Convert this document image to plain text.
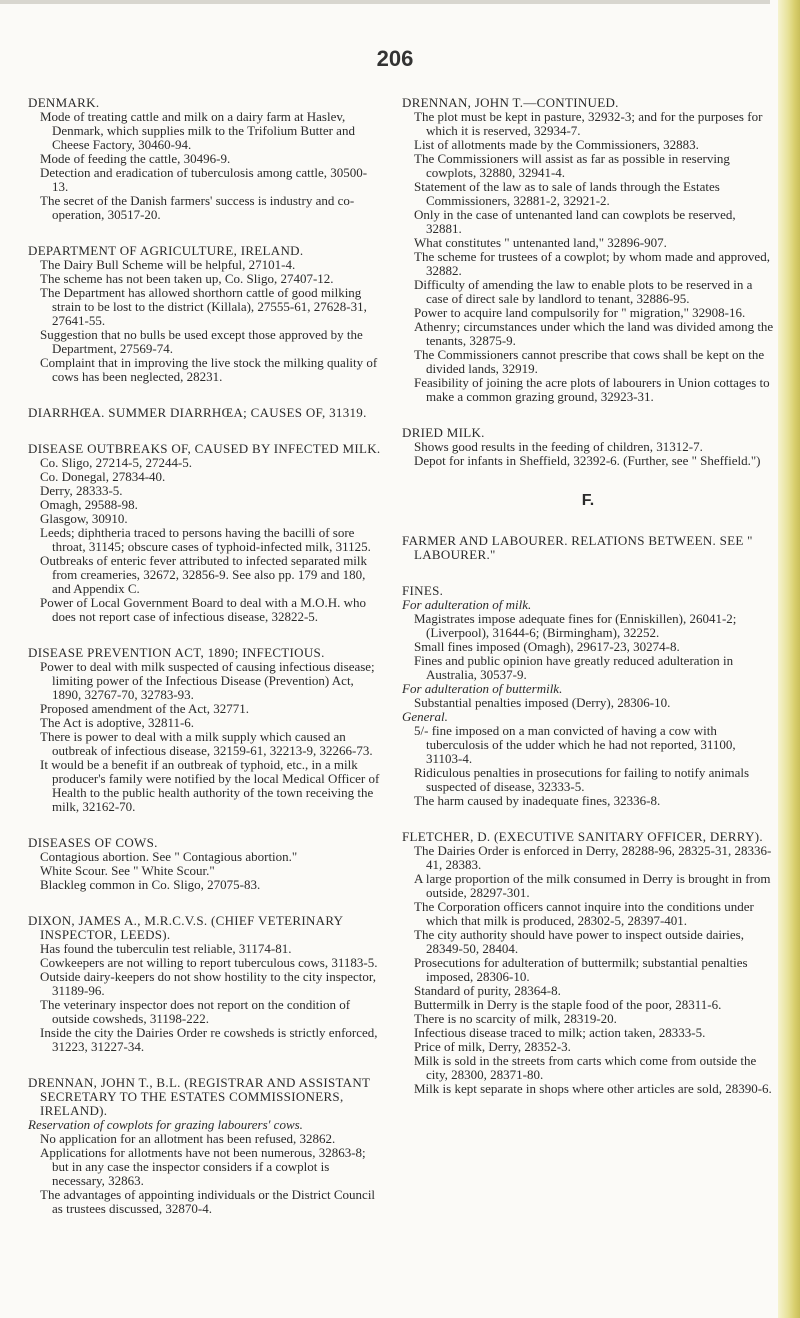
206

DENMARK.

Mode of treating cattle and milk on a dairy farm at Haslev, Denmark, which supplies milk to the Trifolium Butter and Cheese Factory, 30460-94.

Mode of feeding the cattle, 30496-9.

Detection and eradication of tuberculosis among cattle, 30500-13.

The secret of the Danish farmers' success is industry and co-operation, 30517-20.

DEPARTMENT OF AGRICULTURE, IRELAND.

The Dairy Bull Scheme will be helpful, 27101-4.

The scheme has not been taken up, Co. Sligo, 27407-12.

The Department has allowed shorthorn cattle of good milking strain to be lost to the district (Killala), 27555-61, 27628-31, 27641-55.

Suggestion that no bulls be used except those approved by the Department, 27569-74.

Complaint that in improving the live stock the milking quality of cows has been neglected, 28231.

DIARRHŒA. SUMMER DIARRHŒA; CAUSES OF, 31319.

DISEASE OUTBREAKS OF, CAUSED BY INFECTED MILK.

Co. Sligo, 27214-5, 27244-5.

Co. Donegal, 27834-40.

Derry, 28333-5.

Omagh, 29588-98.

Glasgow, 30910.

Leeds; diphtheria traced to persons having the bacilli of sore throat, 31145; obscure cases of typhoid-infected milk, 31125.

Outbreaks of enteric fever attributed to infected separated milk from creameries, 32672, 32856-9. See also pp. 179 and 180, and Appendix C.

Power of Local Government Board to deal with a M.O.H. who does not report case of infectious disease, 32822-5.

DISEASE PREVENTION ACT, 1890; INFECTIOUS.

Power to deal with milk suspected of causing infectious disease; limiting power of the Infectious Disease (Prevention) Act, 1890, 32767-70, 32783-93.

Proposed amendment of the Act, 32771.

The Act is adoptive, 32811-6.

There is power to deal with a milk supply which caused an outbreak of infectious disease, 32159-61, 32213-9, 32266-73.

It would be a benefit if an outbreak of typhoid, etc., in a milk producer's family were notified by the local Medical Officer of Health to the public health authority of the town receiving the milk, 32162-70.

DISEASES OF COWS.

Contagious abortion. See " Contagious abortion."

White Scour. See " White Scour."

Blackleg common in Co. Sligo, 27075-83.

DIXON, JAMES A., M.R.C.V.S. (CHIEF VETERINARY INSPECTOR, LEEDS).

Has found the tuberculin test reliable, 31174-81.

Cowkeepers are not willing to report tuberculous cows, 31183-5.

Outside dairy-keepers do not show hostility to the city inspector, 31189-96.

The veterinary inspector does not report on the condition of outside cowsheds, 31198-222.

Inside the city the Dairies Order re cowsheds is strictly enforced, 31223, 31227-34.

DRENNAN, JOHN T., B.L. (REGISTRAR AND ASSISTANT SECRETARY TO THE ESTATES COMMISSIONERS, IRELAND).

Reservation of cowplots for grazing labourers' cows.

No application for an allotment has been refused, 32862.

Applications for allotments have not been numerous, 32863-8; but in any case the inspector considers if a cowplot is necessary, 32863.

The advantages of appointing individuals or the District Council as trustees discussed, 32870-4.

DRENNAN, JOHN T.—CONTINUED.

The plot must be kept in pasture, 32932-3; and for the purposes for which it is reserved, 32934-7.

List of allotments made by the Commissioners, 32883.

The Commissioners will assist as far as possible in reserving cowplots, 32880, 32941-4.

Statement of the law as to sale of lands through the Estates Commissioners, 32881-2, 32921-2.

Only in the case of untenanted land can cowplots be reserved, 32881.

What constitutes " untenanted land," 32896-907.

The scheme for trustees of a cowplot; by whom made and approved, 32882.

Difficulty of amending the law to enable plots to be reserved in a case of direct sale by landlord to tenant, 32886-95.

Power to acquire land compulsorily for " migration," 32908-16.

Athenry; circumstances under which the land was divided among the tenants, 32875-9.

The Commissioners cannot prescribe that cows shall be kept on the divided lands, 32919.

Feasibility of joining the acre plots of labourers in Union cottages to make a common grazing ground, 32923-31.

DRIED MILK.

Shows good results in the feeding of children, 31312-7.

Depot for infants in Sheffield, 32392-6. (Further, see " Sheffield.")

F.

FARMER AND LABOURER. RELATIONS BETWEEN. SEE " LABOURER."

FINES.

For adulteration of milk.

Magistrates impose adequate fines for (Enniskillen), 26041-2; (Liverpool), 31644-6; (Birmingham), 32252.

Small fines imposed (Omagh), 29617-23, 30274-8.

Fines and public opinion have greatly reduced adulteration in Australia, 30537-9.

For adulteration of buttermilk.

Substantial penalties imposed (Derry), 28306-10.

General.

5/- fine imposed on a man convicted of having a cow with tuberculosis of the udder which he had not reported, 31100, 31103-4.

Ridiculous penalties in prosecutions for failing to notify animals suspected of disease, 32333-5.

The harm caused by inadequate fines, 32336-8.

FLETCHER, D. (EXECUTIVE SANITARY OFFICER, DERRY).

The Dairies Order is enforced in Derry, 28288-96, 28325-31, 28336-41, 28383.

A large proportion of the milk consumed in Derry is brought in from outside, 28297-301.

The Corporation officers cannot inquire into the conditions under which that milk is produced, 28302-5, 28397-401.

The city authority should have power to inspect outside dairies, 28349-50, 28404.

Prosecutions for adulteration of buttermilk; substantial penalties imposed, 28306-10.

Standard of purity, 28364-8.

Buttermilk in Derry is the staple food of the poor, 28311-6.

There is no scarcity of milk, 28319-20.

Infectious disease traced to milk; action taken, 28333-5.

Price of milk, Derry, 28352-3.

Milk is sold in the streets from carts which come from outside the city, 28300, 28371-80.

Milk is kept separate in shops where other articles are sold, 28390-6.
